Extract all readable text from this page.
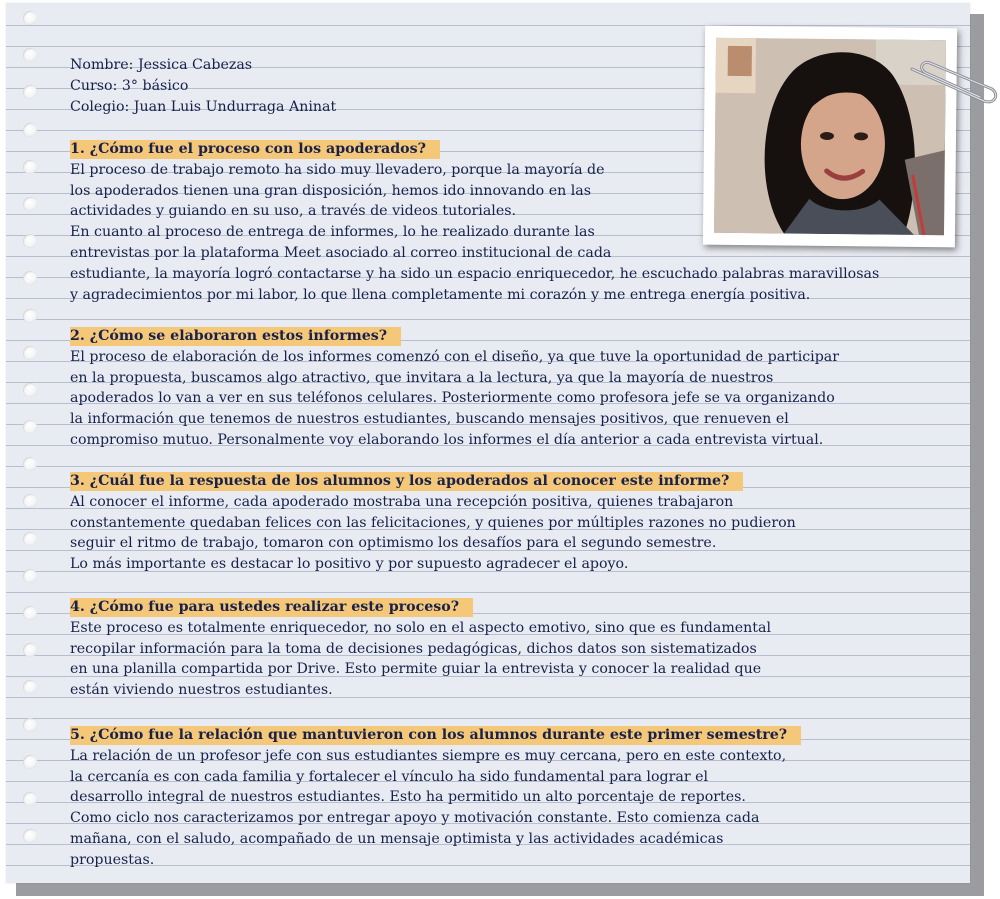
Nombre: Jessica Cabezas
Curso: 3° básico
Colegio: Juan Luis Undurraga Aninat
1. ¿Cómo fue el proceso con los apoderados?
El proceso de trabajo remoto ha sido muy llevadero, porque la mayoría de
los apoderados tienen una gran disposición, hemos ido innovando en las
actividades y guiando en su uso, a través de videos tutoriales.
En cuanto al proceso de entrega de informes, lo he realizado durante las
entrevistas por la plataforma Meet asociado al correo institucional de cada
estudiante, la mayoría logró contactarse y ha sido un espacio enriquecedor, he escuchado palabras maravillosas
y agradecimientos por mi labor, lo que llena completamente mi corazón y me entrega energía positiva.
2. ¿Cómo se elaboraron estos informes?
El proceso de elaboración de los informes comenzó con el diseño, ya que tuve la oportunidad de participar
en la propuesta, buscamos algo atractivo, que invitara a la lectura, ya que la mayoría de nuestros
apoderados lo van a ver en sus teléfonos celulares. Posteriormente como profesora jefe se va organizando
la información que tenemos de nuestros estudiantes, buscando mensajes positivos, que renueven el
compromiso mutuo. Personalmente voy elaborando los informes el día anterior a cada entrevista virtual.
3. ¿Cuál fue la respuesta de los alumnos y los apoderados al conocer este informe?
Al conocer el informe, cada apoderado mostraba una recepción positiva, quienes trabajaron
constantemente quedaban felices con las felicitaciones, y quienes por múltiples razones no pudieron
seguir el ritmo de trabajo, tomaron con optimismo los desafíos para el segundo semestre.
Lo más importante es destacar lo positivo y por supuesto agradecer el apoyo.
4. ¿Cómo fue para ustedes realizar este proceso?
Este proceso es totalmente enriquecedor, no solo en el aspecto emotivo, sino que es fundamental
recopilar información para la toma de decisiones pedagógicas, dichos datos son sistematizados
en una planilla compartida por Drive. Esto permite guiar la entrevista y conocer la realidad que
están viviendo nuestros estudiantes.
5. ¿Cómo fue la relación que mantuvieron con los alumnos durante este primer semestre?
La relación de un profesor jefe con sus estudiantes siempre es muy cercana, pero en este contexto,
la cercanía es con cada familia y fortalecer el vínculo ha sido fundamental para lograr el
desarrollo integral de nuestros estudiantes. Esto ha permitido un alto porcentaje de reportes.
Como ciclo nos caracterizamos por entregar apoyo y motivación constante. Esto comienza cada
mañana, con el saludo, acompañado de un mensaje optimista y las actividades académicas
propuestas.
